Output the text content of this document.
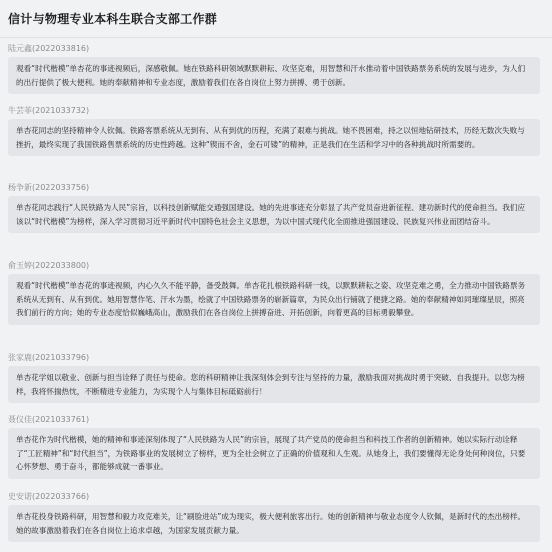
信计与物理专业本科生联合支部工作群
陆元鑫(2022033816)
观看“时代楷模”单杏花的事迹视频后，深感敬佩。她在铁路科研领域默默耕耘、攻坚克难，用智慧和汗水推动着中国铁路票务系统的发展与进步，为人们的出行提供了极大便利。她的奉献精神和专业态度，激励着我们在各自岗位上努力拼搏、勇于创新。
牛芸菲(2021033732)
单杏花同志的坚持精神令人钦佩。铁路客票系统从无到有、从有到优的历程，充满了艰难与挑战。她不畏困难，持之以恒地钻研技术，历经无数次失败与挫折，最终实现了我国铁路售票系统的历史性跨越。这种“锲而不舍，金石可镂”的精神，正是我们在生活和学习中的各种挑战时所需要的。
杨争新(2022033756)
单杏花同志践行“人民铁路为人民”宗旨，以科技创新赋能交通强国建设。她的先进事迹充分彰显了共产党员奋进新征程、建功新时代的使命担当。我们应该以“时代楷模”为榜样，深入学习贯彻习近平新时代中国特色社会主义思想，为以中国式现代化全面推进强国建设、民族复兴伟业而团结奋斗。
俞玉婷(2022033800)
观看“时代楷模”单杏花的事迹视频，内心久久不能平静，备受鼓舞。单杏花扎根铁路科研一线，以默默耕耘之姿、攻坚克难之勇，全力推动中国铁路票务系统从无到有、从有到优。她用智慧作笔、汗水为墨，绘就了中国铁路票务的崭新篇章，为民众出行铺就了便捷之路。她的奉献精神如同璀璨星辰，照亮我们前行的方向；她的专业态度恰似巍峨高山，激励我们在各自岗位上拼搏奋进、开拓创新，向着更高的目标勇毅攀登。
张家鹿(2021033796)
单杏花学姐以敬业、创新与担当诠释了责任与使命。您的科研精神让我深刻体会到专注与坚持的力量，激励我面对挑战时勇于突破、自我提升。以您为榜样，我将怀揣热忱，不断精进专业能力，为实现个人与集体目标砥砺前行！
聂仪佳(2021033761)
单杏花作为时代楷模，她的精神和事迹深刻体现了“人民铁路为人民”的宗旨，展现了共产党员的使命担当和科技工作者的创新精神。她以实际行动诠释了“工匠精神”和“时代担当”，为铁路事业的发展树立了榜样，更为全社会树立了正确的价值观和人生观。从她身上，我们要懂得无论身处何种岗位，只要心怀梦想、勇于奋斗，都能够成就一番事业。
史安诺(2022033766)
单杏花投身铁路科研，用智慧和毅力攻克难关，让“刷脸进站”成为现实，极大便利旅客出行。她的创新精神与敬业态度令人钦佩，是新时代的杰出榜样。她的故事激励着我们在各自岗位上追求卓越，为国家发展贡献力量。
